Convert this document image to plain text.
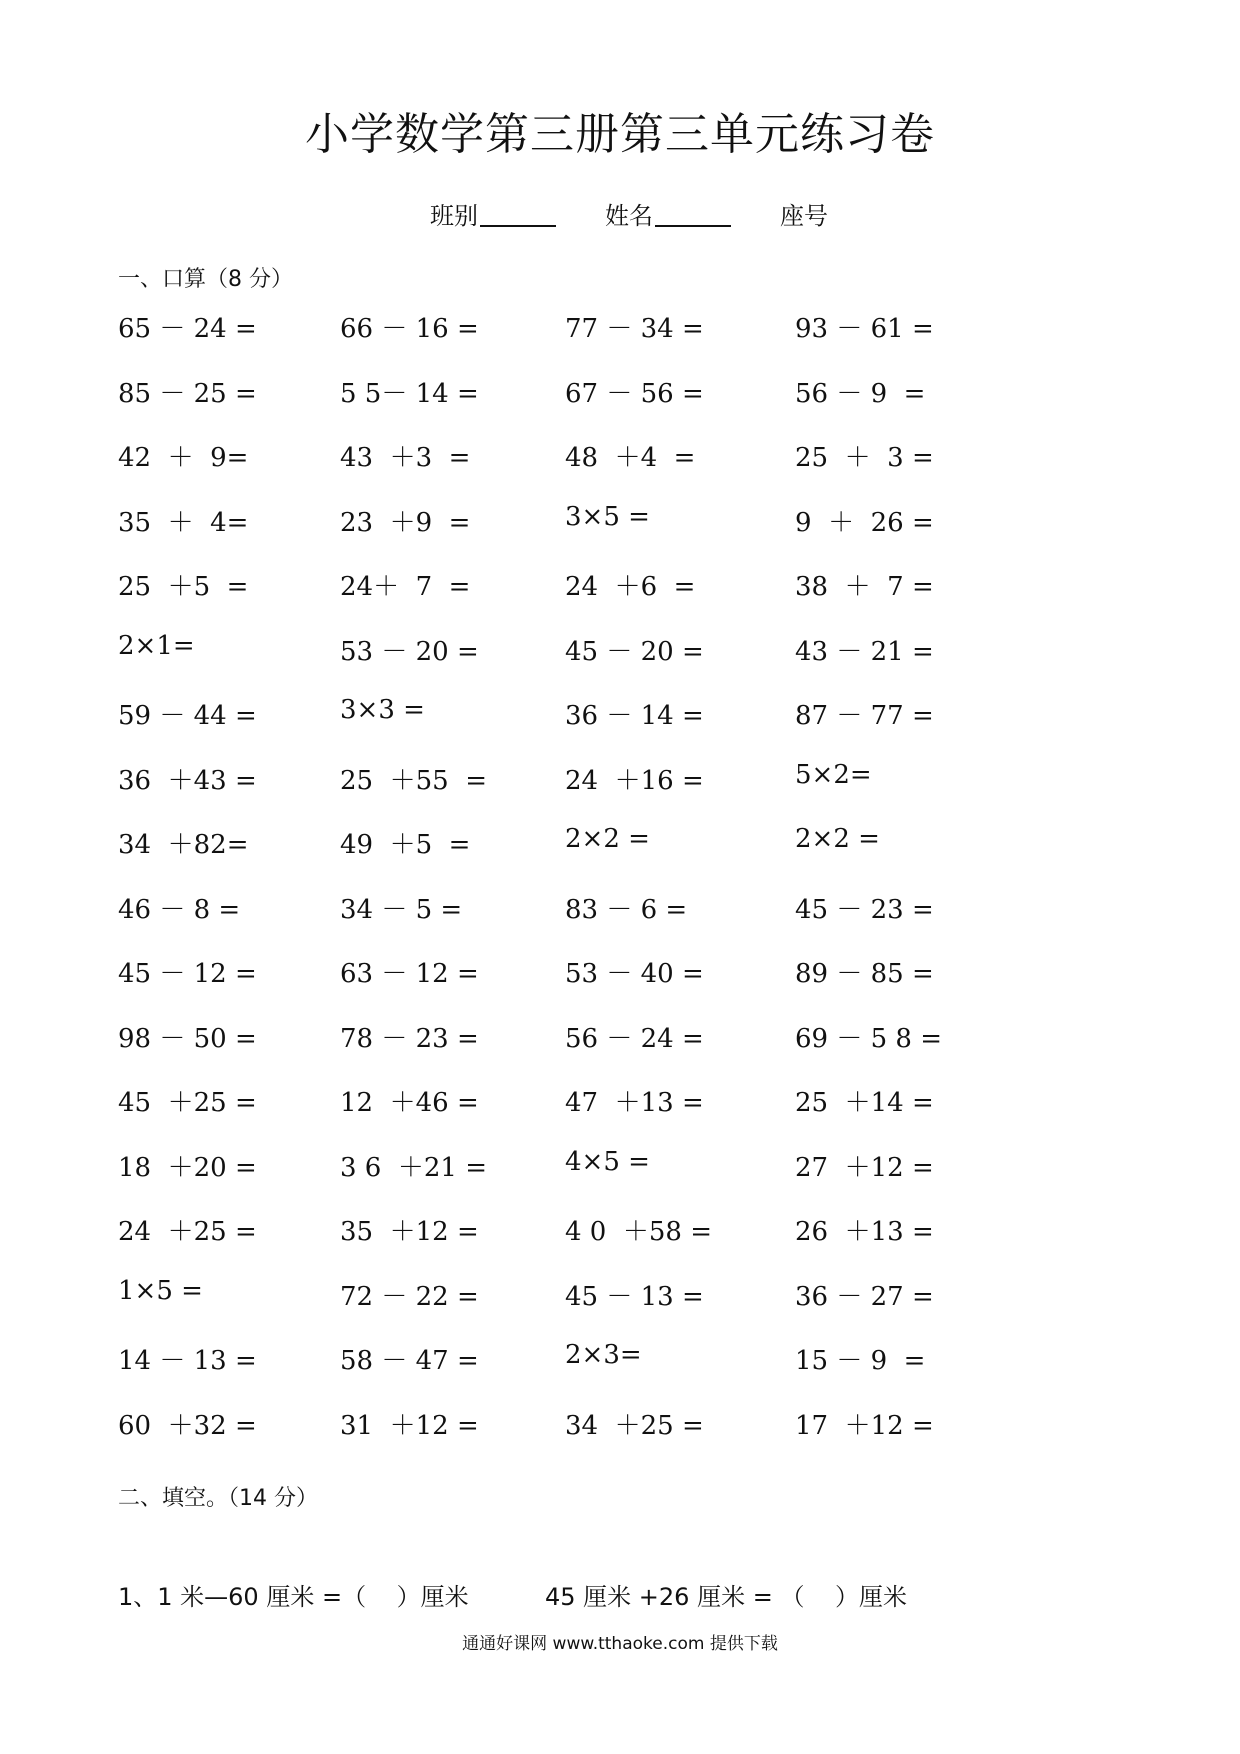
小学数学第三册第三单元练习卷
班别	姓名	座号
一、口算（8 分）
65 － 24 =	66 － 16 =	77 － 34 =	93 － 61 =
85 － 25 =	5 5－ 14 =	67 － 56 =	56 － 9  =
42  ＋  9=	43  ＋3  =	48  ＋4  =	25  ＋  3 =
35  ＋  4=	23  ＋9  =	3×5 =	9  ＋  26 =
25  ＋5  =	24＋  7  =	24  ＋6  =	38  ＋  7 =
2×1=	53 － 20 =	45 － 20 =	43 － 21 =
59 － 44 =	3×3 =	36 － 14 =	87 － 77 =
36  ＋43 =	25  ＋55  =	24  ＋16 =	5×2=
34  ＋82=	49  ＋5  =	2×2 =	2×2 =
46 － 8 =	34 － 5 =	83 － 6 =	45 － 23 =
45 － 12 =	63 － 12 =	53 － 40 =	89 － 85 =
98 － 50 =	78 － 23 =	56 － 24 =	69 － 5 8 =
45  ＋25 =	12  ＋46 =	47  ＋13 =	25  ＋14 =
18  ＋20 =	3 6  ＋21 =	4×5 =	27  ＋12 =
24  ＋25 =	35  ＋12 =	4 0  ＋58 =	26  ＋13 =
1×5 =	72 － 22 =	45 － 13 =	36 － 27 =
14 － 13 =	58 － 47 =	2×3=	15 － 9  =
60  ＋32 =	31  ＋12 =	34  ＋25 =	17  ＋12 =
二、填空。（14 分）
1、1 米—60 厘米 =（    ）厘米	45 厘米 +26 厘米 = （    ）厘米
通通好课网 www.tthaoke.com 提供下载
